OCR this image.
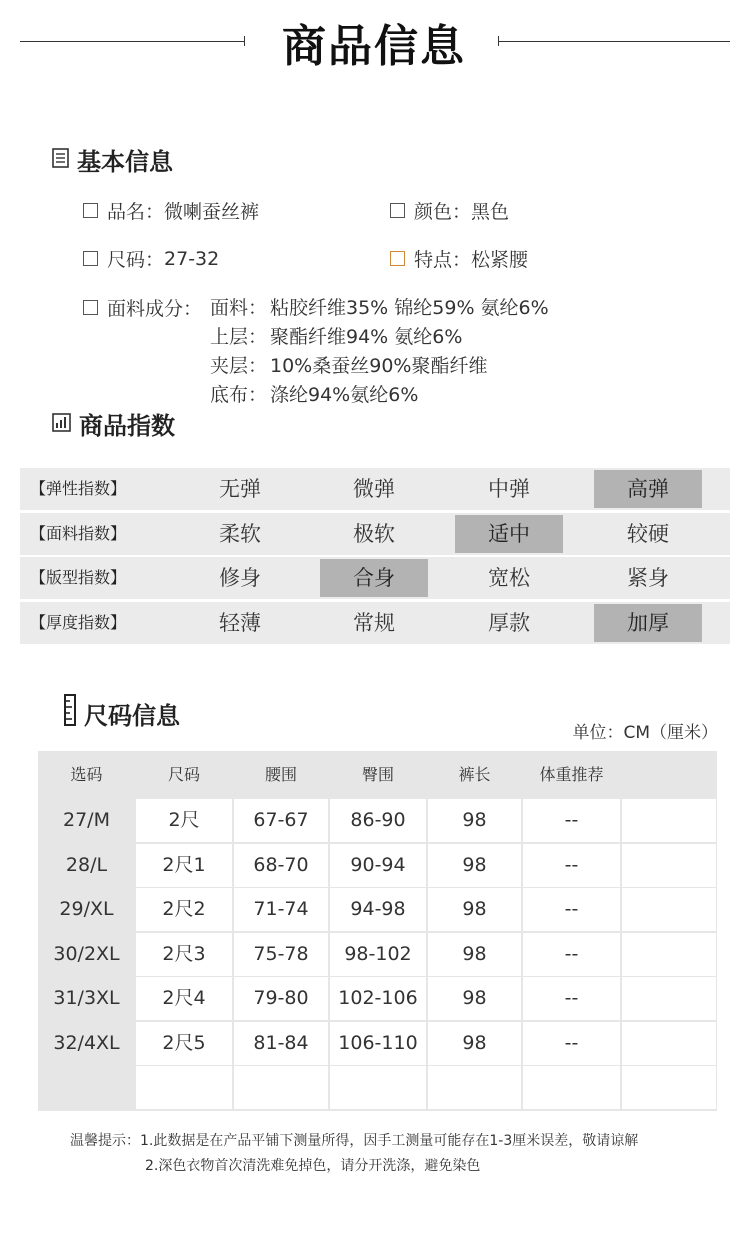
商品信息
基本信息
品名： 微喇蚕丝裤	颜色： 黑色
尺码： 27-32	特点： 松紧腰
面料成分： 面料： 粘胶纤维35% 锦纶59% 氨纶6%
上层： 聚酯纤维94% 氨纶6%
夹层： 10%桑蚕丝90%聚酯纤维
底布： 涤纶94%氨纶6%
商品指数
【弹性指数】	无弹	微弹	中弹	高弹
【面料指数】	柔软	极软	适中	较硬
【版型指数】	修身	合身	宽松	紧身
【厚度指数】	轻薄	常规	厚款	加厚
尺码信息
单位：CM（厘米）
选码	尺码	腰围	臀围	裤长	体重推荐
27/M	2尺	67-67	86-90	98	--
28/L	2尺1	68-70	90-94	98	--
29/XL	2尺2	71-74	94-98	98	--
30/2XL	2尺3	75-78	98-102	98	--
31/3XL	2尺4	79-80	102-106	98	--
32/4XL	2尺5	81-84	106-110	98	--
温馨提示：1.此数据是在产品平铺下测量所得，因手工测量可能存在1-3厘米误差，敬请谅解
2.深色衣物首次清洗难免掉色，请分开洗涤，避免染色
